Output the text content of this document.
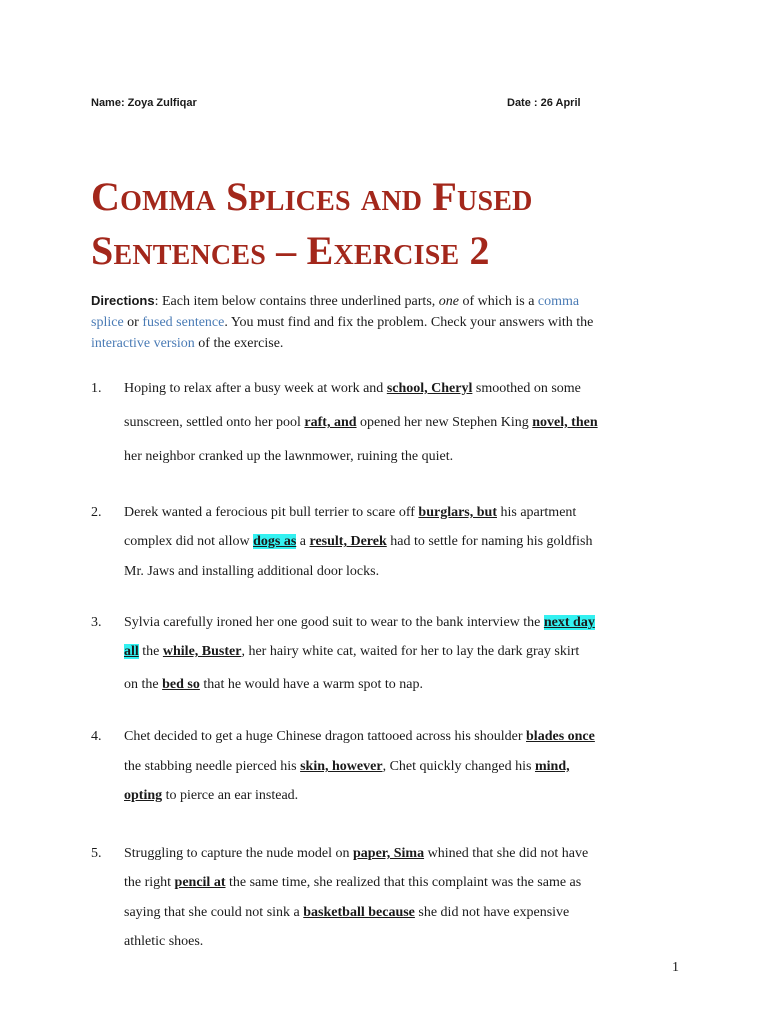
Name: Zoya Zulfiqar	Date : 26 April
Comma Splices and Fused
Sentences – Exercise 2
Directions: Each item below contains three underlined parts, one of which is a comma
splice or fused sentence. You must find and fix the problem. Check your answers with the
interactive version of the exercise.
1.	Hoping to relax after a busy week at work and school, Cheryl smoothed on some
sunscreen, settled onto her pool raft, and opened her new Stephen King novel, then
her neighbor cranked up the lawnmower, ruining the quiet.
2.	Derek wanted a ferocious pit bull terrier to scare off burglars, but his apartment
complex did not allow dogs as a result, Derek had to settle for naming his goldfish
Mr. Jaws and installing additional door locks.
3.	Sylvia carefully ironed her one good suit to wear to the bank interview the next day
all the while, Buster, her hairy white cat, waited for her to lay the dark gray skirt
on the bed so that he would have a warm spot to nap.
4.	Chet decided to get a huge Chinese dragon tattooed across his shoulder blades once
the stabbing needle pierced his skin, however, Chet quickly changed his mind,
opting to pierce an ear instead.
5.	Struggling to capture the nude model on paper, Sima whined that she did not have
the right pencil at the same time, she realized that this complaint was the same as
saying that she could not sink a basketball because she did not have expensive
athletic shoes.
1
